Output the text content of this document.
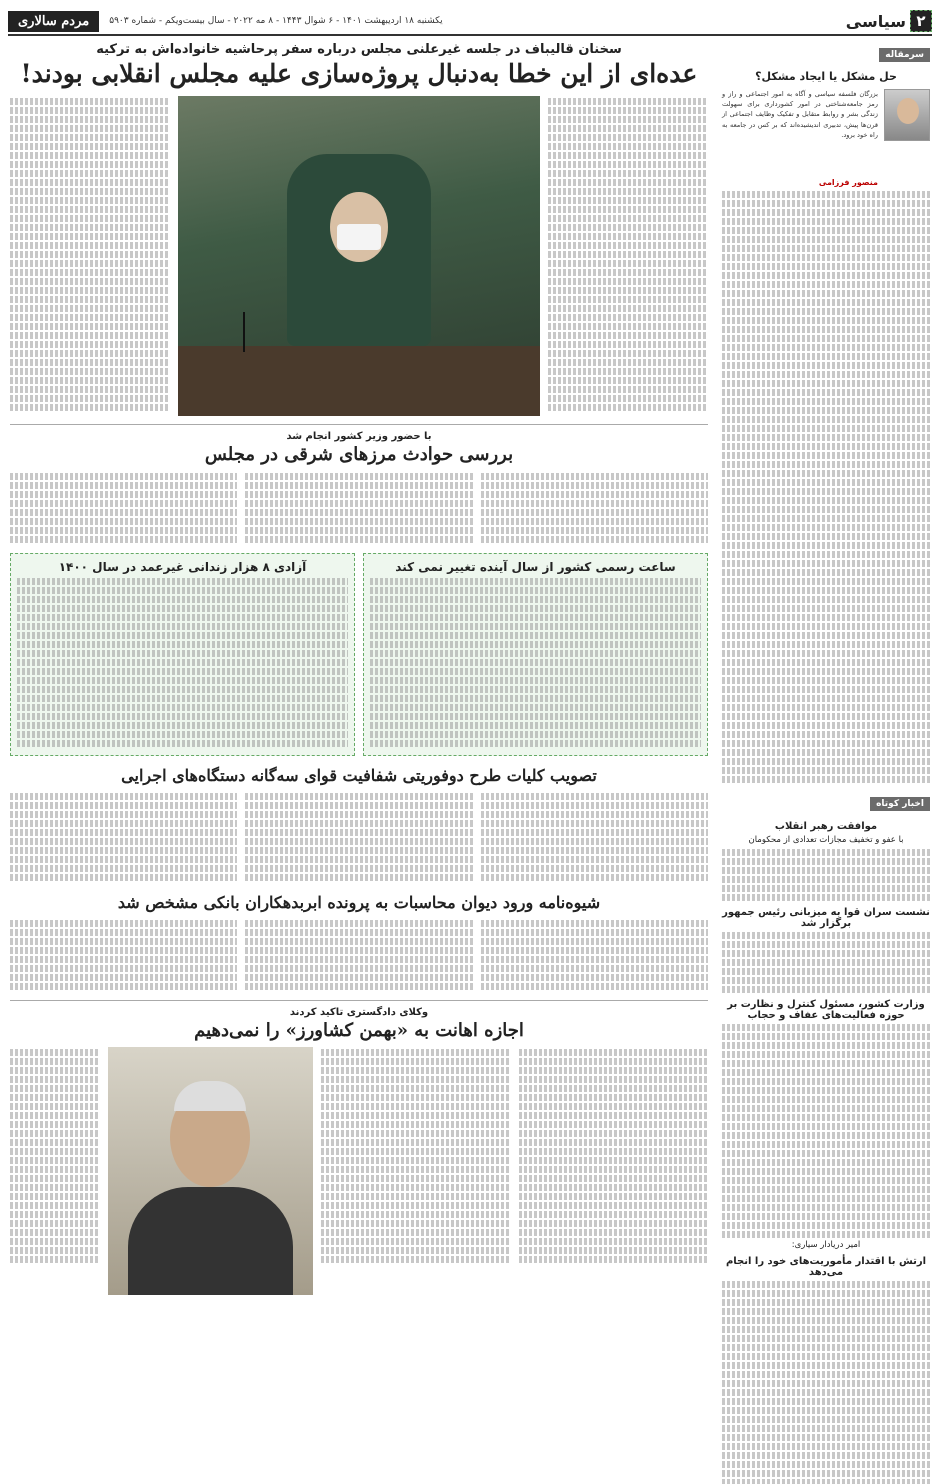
۲
سیاسی
یکشنبه ۱۸ اردیبهشت ۱۴۰۱ - ۶ شوال ۱۴۴۳ - ۸ مه ۲۰۲۲ - سال بیست‌و‌یکم - شماره ۵۹۰۳
مردم سالاری
سرمقاله
حل مشکل یا ایجاد مشکل؟
بزرگان فلسفه سیاسی و آگاه به امور اجتماعی و راز و رمز جامعه‌شناختی در امور کشورداری برای سهولت زندگی بشر و روابط متقابل و تفکیک وظایف اجتماعی از قرن‌ها پیش، تدبیری اندیشیده‌اند که بر کس در جامعه به راه خود برود.
منصور فرزامی
اخبار کوتاه
موافقت رهبر انقلاب
با عفو و تخفیف مجازات تعدادی از محکومان
نشست سران قوا به میزبانی رئیس جمهور برگزار شد
وزارت کشور، مسئول کنترل و نظارت بر حوزه فعالیت‌های عفاف و حجاب
امیر دریادار سیاری:
ارتش با اقتدار مأموریت‌های خود را انجام می‌دهد
سخنان قالیباف در جلسه غیرعلنی مجلس درباره سفر پرحاشیه خانواده‌اش به ترکیه
عده‌ای از این خطا به‌دنبال پروژه‌سازی علیه مجلس انقلابی بودند!
با حضور وزیر کشور انجام شد
بررسی حوادث مرزهای شرقی در مجلس
ساعت رسمی کشور از سال آینده تغییر نمی کند
آزادی ۸ هزار زندانی غیرعمد در سال ۱۴۰۰
تصویب کلیات طرح دوفوریتی شفافیت قوای سه‌گانه دستگاه‌های اجرایی
شیوه‌نامه ورود دیوان محاسبات به پرونده ابربدهکاران بانکی مشخص شد
وکلای دادگستری تاکید کردند
اجازه اهانت به «بهمن کشاورز» را نمی‌دهیم
